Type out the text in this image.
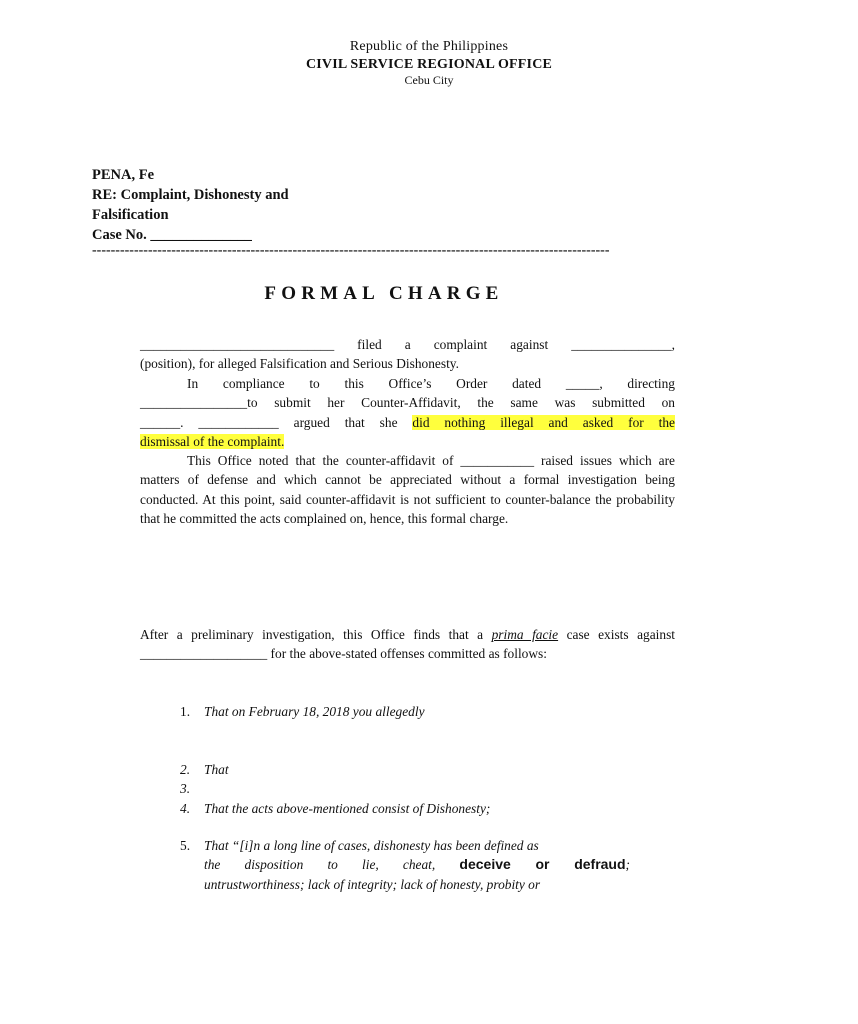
Republic of the Philippines
CIVIL SERVICE REGIONAL OFFICE
Cebu City
PENA, Fe
RE: Complaint, Dishonesty and
Falsification
Case No. ______________
---------------------------------------------------------------------------------------------------------------
FORMAL CHARGE
_____________________________ filed a complaint against _______________,
(position), for alleged Falsification and Serious Dishonesty.
In compliance to this Office’s Order dated _____, directing
________________to submit her Counter-Affidavit, the same was submitted on
______. ____________ argued that she did nothing illegal and asked for the
dismissal of the complaint.
This Office noted that the counter-affidavit of ___________ raised issues which are matters of defense and which cannot be appreciated without a formal investigation being conducted. At this point, said counter-affidavit is not sufficient to counter-balance the probability that he committed the acts complained on, hence, this formal charge.
After a preliminary investigation, this Office finds that a prima facie case exists against ___________________ for the above-stated offenses committed as follows:
1.	That on February 18, 2018 you allegedly
2.	That
3.
4.	That the acts above-mentioned consist of Dishonesty;
5.	That “[i]n a long line of cases, dishonesty has been defined as
the disposition to lie, cheat, deceive or defraud;
untrustworthiness; lack of integrity; lack of honesty, probity or
